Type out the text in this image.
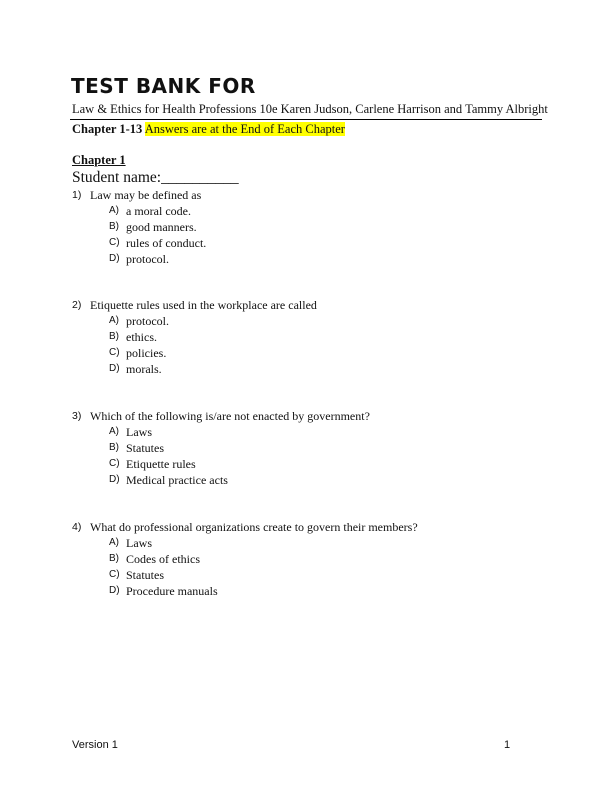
TEST BANK FOR
Law & Ethics for Health Professions 10e Karen Judson, Carlene Harrison and Tammy Albright
Chapter 1-13 Answers are at the End of Each Chapter
Chapter 1
Student name:__________
1) Law may be defined as
A) a moral code.
B) good manners.
C) rules of conduct.
D) protocol.
2) Etiquette rules used in the workplace are called
A) protocol.
B) ethics.
C) policies.
D) morals.
3) Which of the following is/are not enacted by government?
A) Laws
B) Statutes
C) Etiquette rules
D) Medical practice acts
4) What do professional organizations create to govern their members?
A) Laws
B) Codes of ethics
C) Statutes
D) Procedure manuals
Version 1	1
